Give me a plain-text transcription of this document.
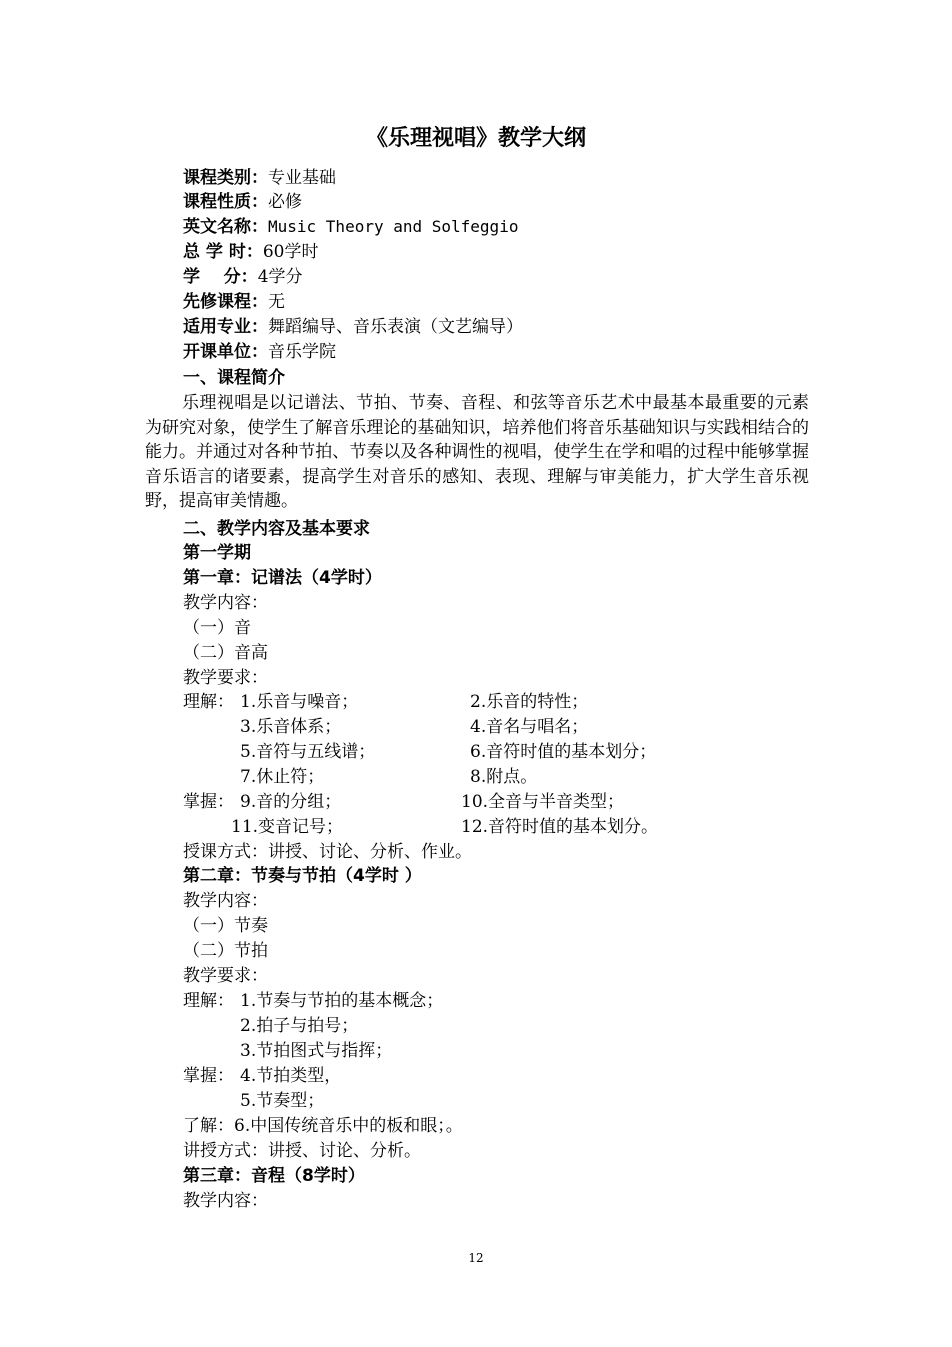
《乐理视唱》教学大纲
课程类别：专业基础
课程性质：必修
英文名称：Music Theory and Solfeggio
总 学 时：60学时
学    分：4学分
先修课程：无
适用专业：舞蹈编导、音乐表演（文艺编导）
开课单位：音乐学院
一、课程简介

乐理视唱是以记谱法、节拍、节奏、音程、和弦等音乐艺术中最基本最重要的元素为研究对象，使学生了解音乐理论的基础知识，培养他们将音乐基础知识与实践相结合的能力。并通过对各种节拍、节奏以及各种调性的视唱，使学生在学和唱的过程中能够掌握音乐语言的诸要素，提高学生对音乐的感知、表现、理解与审美能力，扩大学生音乐视野，提高审美情趣。

二、教学内容及基本要求
第一学期
第一章：记谱法（4学时）
教学内容：
（一）音
（二）音高
教学要求：
理解： 1.乐音与噪音；	2.乐音的特性；
3.乐音体系；	4.音名与唱名；
5.音符与五线谱；	6.音符时值的基本划分；
7.休止符；	8.附点。
掌握： 9.音的分组；	10.全音与半音类型；
11.变音记号；	12.音符时值的基本划分。
授课方式：讲授、讨论、分析、作业。
第二章：节奏与节拍（4学时 ）
教学内容：
（一）节奏
（二）节拍
教学要求：
理解： 1.节奏与节拍的基本概念；
2.拍子与拍号；
3.节拍图式与指挥；
掌握： 4.节拍类型，
5.节奏型；
了解：6.中国传统音乐中的板和眼；。
讲授方式：讲授、讨论、分析。
第三章：音程（8学时）
教学内容：
12
